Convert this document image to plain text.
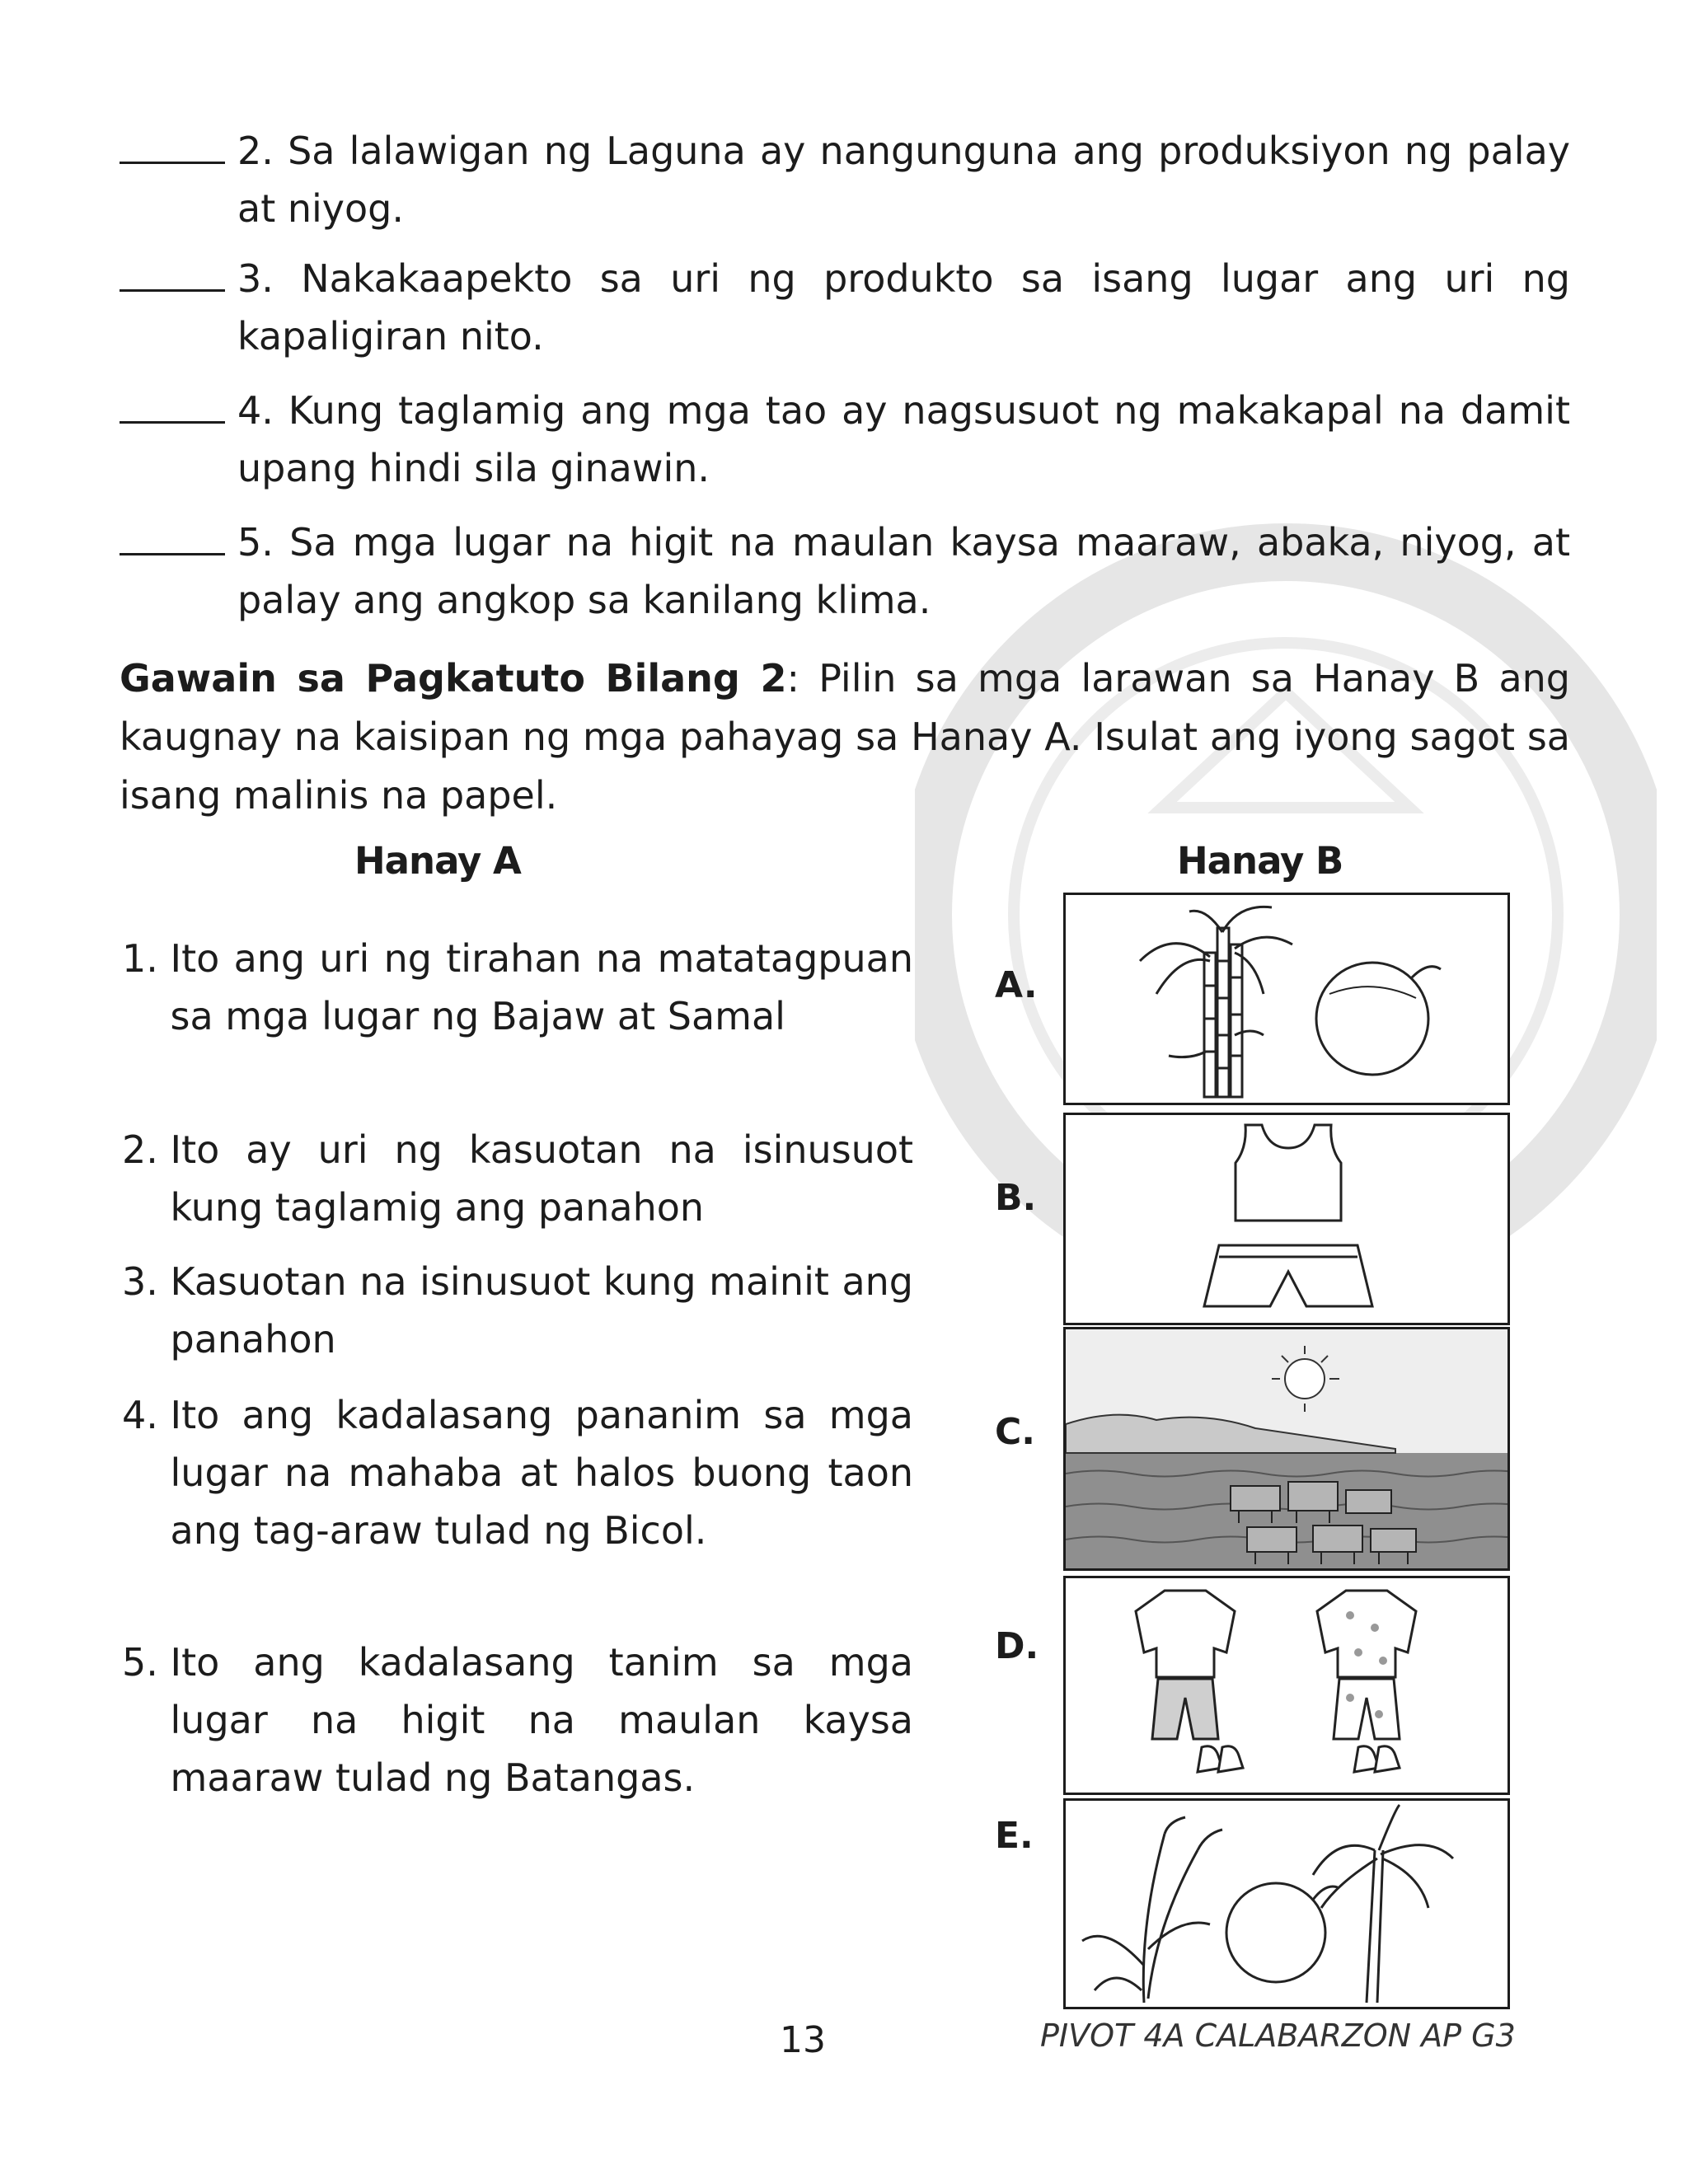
2. Sa lalawigan ng Laguna ay nangunguna ang produksiyon ng palay at niyog.
3. Nakakaapekto sa uri ng produkto sa isang lugar ang uri ng kapaligiran nito.
4. Kung taglamig ang mga tao ay nagsusuot ng makakapal na damit upang hindi sila ginawin.
5. Sa mga lugar na higit na maulan kaysa maaraw, abaka, niyog, at palay ang angkop sa kanilang klima.
Gawain sa Pagkatuto Bilang 2: Pilin sa mga larawan sa Hanay B ang kaugnay na kaisipan ng mga pahayag sa Hanay A. Isulat ang iyong sagot sa isang malinis na papel.
Hanay A	Hanay B
1. Ito ang uri ng tirahan na matatagpuan sa mga lugar ng Bajaw at Samal
2. Ito ay uri ng kasuotan na isinusuot kung taglamig ang panahon
3. Kasuotan na isinusuot kung mainit ang panahon
4. Ito ang kadalasang pananim sa mga lugar na mahaba at halos buong taon ang tag-araw tulad ng Bicol.
5. Ito ang kadalasang tanim sa mga lugar na higit na maulan kaysa maaraw tulad ng Batangas.
A.
B.
C.
D.
E.
13	PIVOT 4A CALABARZON AP G3
